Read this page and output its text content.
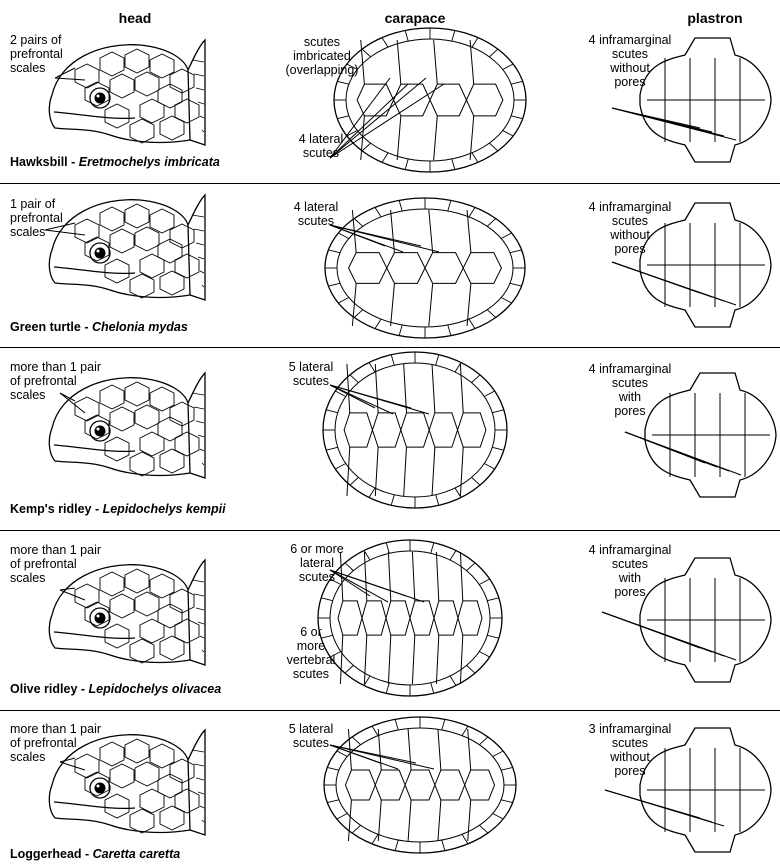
head	carapace	plastron
2 pairs of
prefrontal
scales
scutes
imbricated
(overlapping)
4 lateral
scutes
4 inframarginal
scutes
without
pores
Hawksbill - Eretmochelys imbricata
1 pair of
prefrontal
scales
4 lateral
scutes
4 inframarginal
scutes
without
pores
Green turtle - Chelonia mydas
more than 1 pair
of prefrontal
scales
5 lateral
scutes
4 inframarginal
scutes
with
pores
Kemp's ridley - Lepidochelys kempii
more than 1 pair
of prefrontal
scales
6 or more
lateral
scutes
6 or
more
vertebral
scutes
4 inframarginal
scutes
with
pores
Olive ridley - Lepidochelys olivacea
more than 1 pair
of prefrontal
scales
5 lateral
scutes
3 inframarginal
scutes
without
pores
Loggerhead - Caretta caretta
